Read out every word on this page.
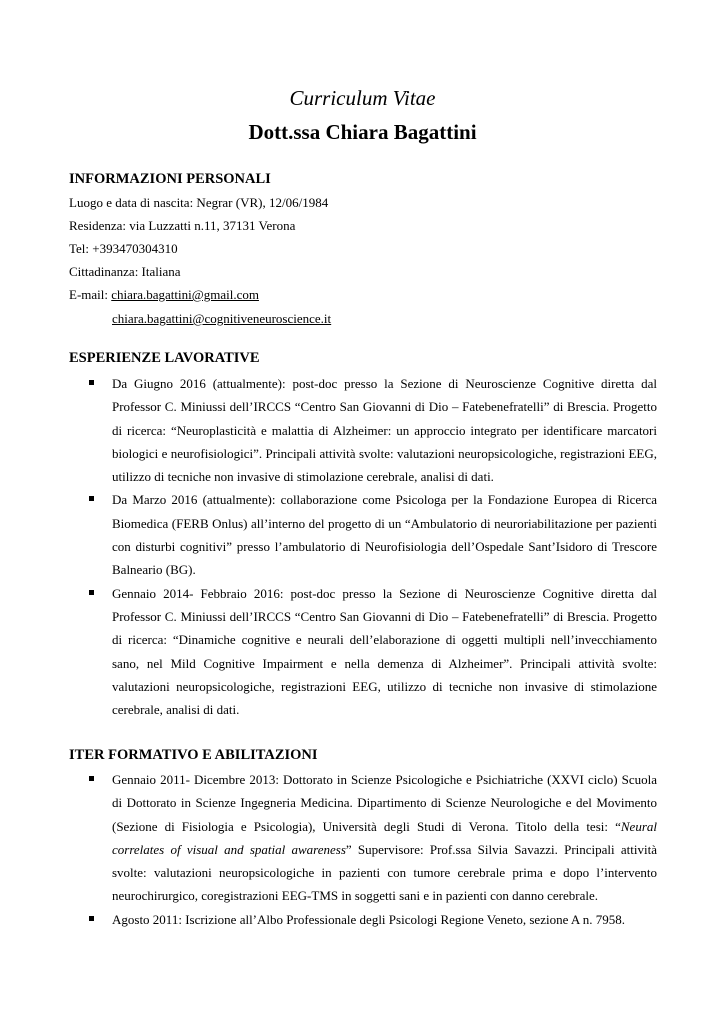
Curriculum Vitae
Dott.ssa Chiara Bagattini
INFORMAZIONI PERSONALI
Luogo e data di nascita: Negrar (VR), 12/06/1984
Residenza: via Luzzatti n.11, 37131 Verona
Tel: +393470304310
Cittadinanza: Italiana
E-mail: chiara.bagattini@gmail.com
chiara.bagattini@cognitiveneuroscience.it
ESPERIENZE LAVORATIVE
Da Giugno 2016 (attualmente): post-doc presso la Sezione di Neuroscienze Cognitive diretta dal Professor C. Miniussi dell’IRCCS “Centro San Giovanni di Dio – Fatebenefratelli” di Brescia. Progetto di ricerca: “Neuroplasticità e malattia di Alzheimer: un approccio integrato per identificare marcatori biologici e neurofisiologici”. Principali attività svolte: valutazioni neuropsicologiche, registrazioni EEG, utilizzo di tecniche non invasive di stimolazione cerebrale, analisi di dati.
Da Marzo 2016 (attualmente): collaborazione come Psicologa per la Fondazione Europea di Ricerca Biomedica (FERB Onlus) all’interno del progetto di un “Ambulatorio di neuroriabilitazione per pazienti con disturbi cognitivi” presso l’ambulatorio di Neurofisiologia dell’Ospedale Sant’Isidoro di Trescore Balneario (BG).
Gennaio 2014- Febbraio 2016: post-doc presso la Sezione di Neuroscienze Cognitive diretta dal Professor C. Miniussi dell’IRCCS “Centro San Giovanni di Dio – Fatebenefratelli” di Brescia. Progetto di ricerca: “Dinamiche cognitive e neurali dell’elaborazione di oggetti multipli nell’invecchiamento sano, nel Mild Cognitive Impairment e nella demenza di Alzheimer”. Principali attività svolte: valutazioni neuropsicologiche, registrazioni EEG, utilizzo di tecniche non invasive di stimolazione cerebrale, analisi di dati.
ITER FORMATIVO E ABILITAZIONI
Gennaio 2011- Dicembre 2013: Dottorato in Scienze Psicologiche e Psichiatriche (XXVI ciclo) Scuola di Dottorato in Scienze Ingegneria Medicina. Dipartimento di Scienze Neurologiche e del Movimento (Sezione di Fisiologia e Psicologia), Università degli Studi di Verona. Titolo della tesi: “Neural correlates of visual and spatial awareness” Supervisore: Prof.ssa Silvia Savazzi. Principali attività svolte: valutazioni neuropsicologiche in pazienti con tumore cerebrale prima e dopo l’intervento neurochirurgico, coregistrazioni EEG-TMS in soggetti sani e in pazienti con danno cerebrale.
Agosto 2011: Iscrizione all’Albo Professionale degli Psicologi Regione Veneto, sezione A n. 7958.
